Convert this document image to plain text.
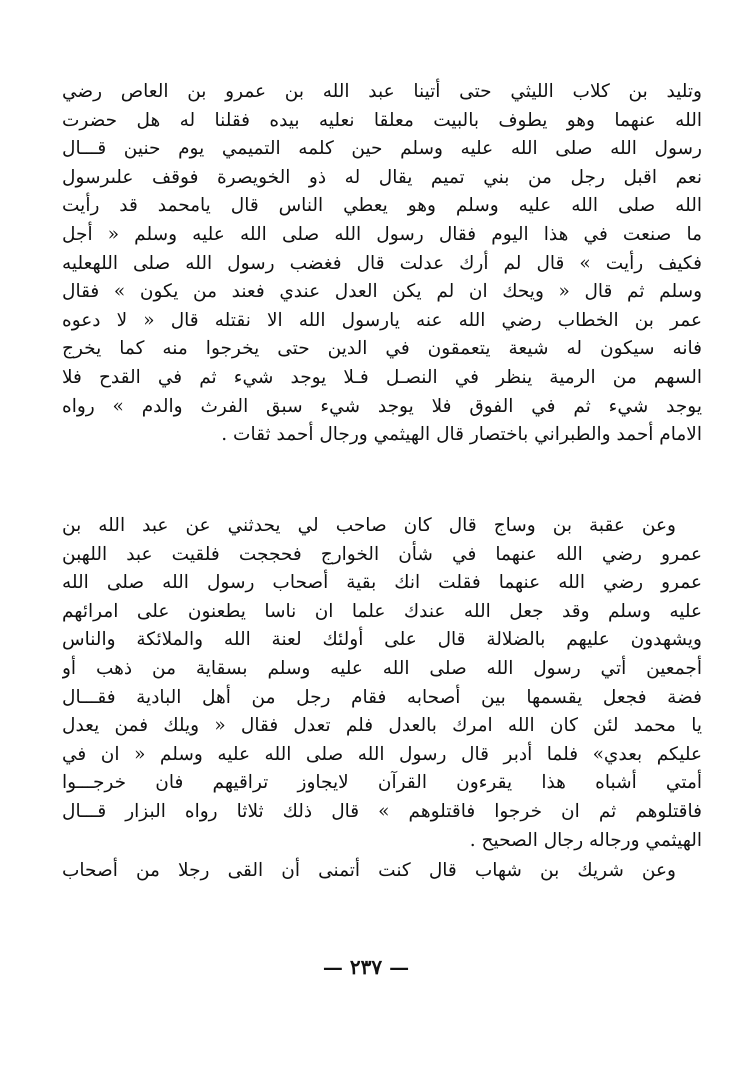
وتليد بن كلاب الليثي حتى أتينا عبد الله بن عمرو بن العاص رضي
الله عنهما وهو يطوف بالبيت معلقا نعليه بيده فقلنا له هل حضرت
رسول الله صلى الله عليه وسلم حين كلمه التميمي يوم حنين قـــال
نعم اقبل رجل من بني تميم يقال له ذو الخويصرة فوقف علىرسول
الله صلى الله عليه وسلم وهو يعطي الناس قال يامحمد قد رأيت
ما صنعت في هذا اليوم فقال رسول الله صلى الله عليه وسلم « أجل
فكيف رأيت » قال لم أرك عدلت قال فغضب رسول الله صلى اللهعليه
وسلم ثم قال « ويحك ان لم يكن العدل عندي فعند من يكون » فقال
عمر بن الخطاب رضي الله عنه يارسول الله الا نقتله قال « لا دعوه
فانه سيكون له شيعة يتعمقون في الدين حتى يخرجوا منه كما يخرج
السهم من الرمية ينظر في النصـل فـلا يوجد شيء ثم في القدح فلا
يوجد شيء ثم في الفوق فلا يوجد شيء سبق الفرث والدم » رواه
الامام أحمد والطبراني باختصار قال الهيثمي ورجال أحمد ثقات .
وعن عقبة بن وساج قال كان صاحب لي يحدثني عن عبد الله بن
عمرو رضي الله عنهما في شأن الخوارج فحججت فلقيت عبد اللهبن
عمرو رضي الله عنهما فقلت انك بقية أصحاب رسول الله صلى الله
عليه وسلم وقد جعل الله عندك علما ان ناسا يطعنون على امرائهم
ويشهدون عليهم بالضلالة قال على أولئك لعنة الله والملائكة والناس
أجمعين أتي رسول الله صلى الله عليه وسلم بسقاية من ذهب أو
فضة فجعل يقسمها بين أصحابه فقام رجل من أهل البادية فقـــال
يا محمد لئن كان الله امرك بالعدل فلم تعدل فقال « ويلك فمن يعدل
عليكم بعدي» فلما أدبر قال رسول الله صلى الله عليه وسلم « ان في
أمتي أشباه هذا يقرءون القرآن لايجاوز تراقيهم فان خرجـــوا
فاقتلوهم ثم ان خرجوا فاقتلوهم » قال ذلك ثلاثا رواه البزار قـــال
الهيثمي ورجاله رجال الصحيح .
وعن شريك بن شهاب قال كنت أتمنى أن القى رجلا من أصحاب
— ٢٣٧ —
